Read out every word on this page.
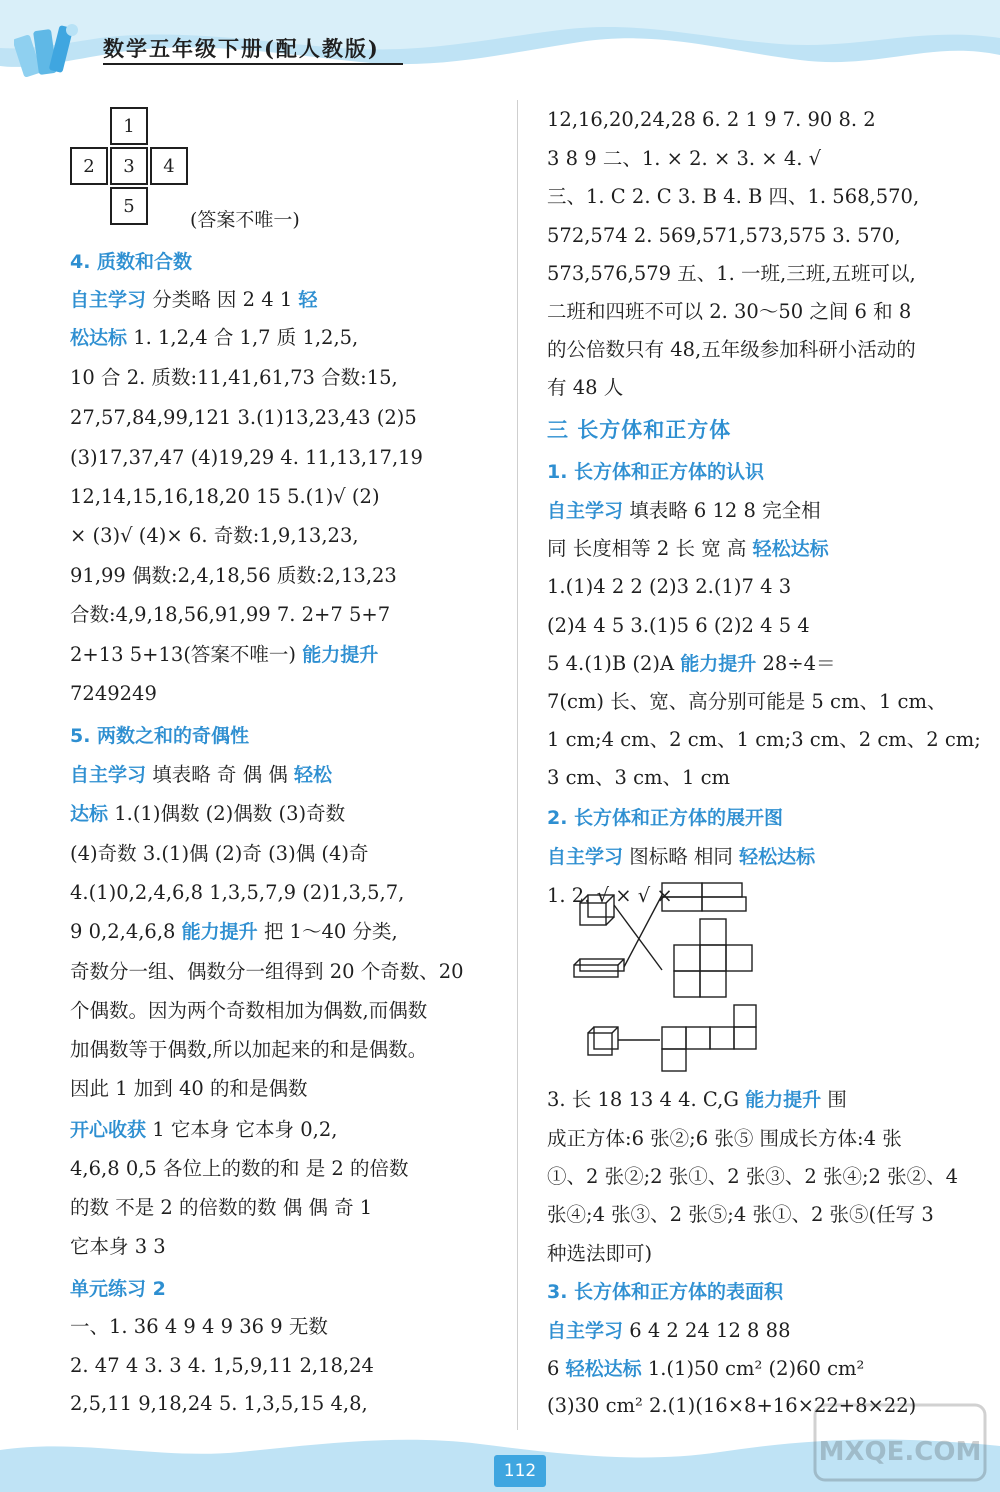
数学五年级下册(配人教版)
1
2	3	4
5
(答案不唯一)
4. 质数和合数
自主学习 分类略 因 2 4 1 轻
松达标 1. 1,2,4 合 1,7 质 1,2,5,
10 合 2. 质数:11,41,61,73 合数:15,
27,57,84,99,121 3.(1)13,23,43 (2)5
(3)17,37,47 (4)19,29 4. 11,13,17,19
12,14,15,16,18,20 15 5.(1)√ (2)
× (3)√ (4)× 6. 奇数:1,9,13,23,
91,99 偶数:2,4,18,56 质数:2,13,23
合数:4,9,18,56,91,99 7. 2+7 5+7
2+13 5+13(答案不唯一) 能力提升
7249249
5. 两数之和的奇偶性
自主学习 填表略 奇 偶 偶 轻松
达标 1.(1)偶数 (2)偶数 (3)奇数
(4)奇数 3.(1)偶 (2)奇 (3)偶 (4)奇
4.(1)0,2,4,6,8 1,3,5,7,9 (2)1,3,5,7,
9 0,2,4,6,8 能力提升 把 1～40 分类,
奇数分一组、偶数分一组得到 20 个奇数、20
个偶数。因为两个奇数相加为偶数,而偶数
加偶数等于偶数,所以加起来的和是偶数。
因此 1 加到 40 的和是偶数
开心收获 1 它本身 它本身 0,2,
4,6,8 0,5 各位上的数的和 是 2 的倍数
的数 不是 2 的倍数的数 偶 偶 奇 1
它本身 3 3
单元练习 2
一、1. 36 4 9 4 9 36 9 无数
2. 47 4 3. 3 4. 1,5,9,11 2,18,24
2,5,11 9,18,24 5. 1,3,5,15 4,8,
12,16,20,24,28 6. 2 1 9 7. 90 8. 2
3 8 9 二、1. × 2. × 3. × 4. √
三、1. C 2. C 3. B 4. B 四、1. 568,570,
572,574 2. 569,571,573,575 3. 570,
573,576,579 五、1. 一班,三班,五班可以,
二班和四班不可以 2. 30～50 之间 6 和 8
的公倍数只有 48,五年级参加科研小活动的
有 48 人
三 长方体和正方体
1. 长方体和正方体的认识
自主学习 填表略 6 12 8 完全相
同 长度相等 2 长 宽 高 轻松达标
1.(1)4 2 2 (2)3 2.(1)7 4 3
(2)4 4 5 3.(1)5 6 (2)2 4 5 4
5 4.(1)B (2)A 能力提升 28÷4＝
7(cm) 长、宽、高分别可能是 5 cm、1 cm、
1 cm;4 cm、2 cm、1 cm;3 cm、2 cm、2 cm;
3 cm、3 cm、1 cm
2. 长方体和正方体的展开图
自主学习 图标略 相同 轻松达标
1. 2. √ × √ ×
3. 长 18 13 4 4. C,G 能力提升 围
成正方体:6 张②;6 张⑤ 围成长方体:4 张
①、2 张②;2 张①、2 张③、2 张④;2 张②、4
张④;4 张③、2 张⑤;4 张①、2 张⑤(任写 3
种选法即可)
3. 长方体和正方体的表面积
自主学习 6 4 2 24 12 8 88
6 轻松达标 1.(1)50 cm² (2)60 cm²
(3)30 cm² 2.(1)(16×8+16×22+8×22)
112
MXQE.COM
